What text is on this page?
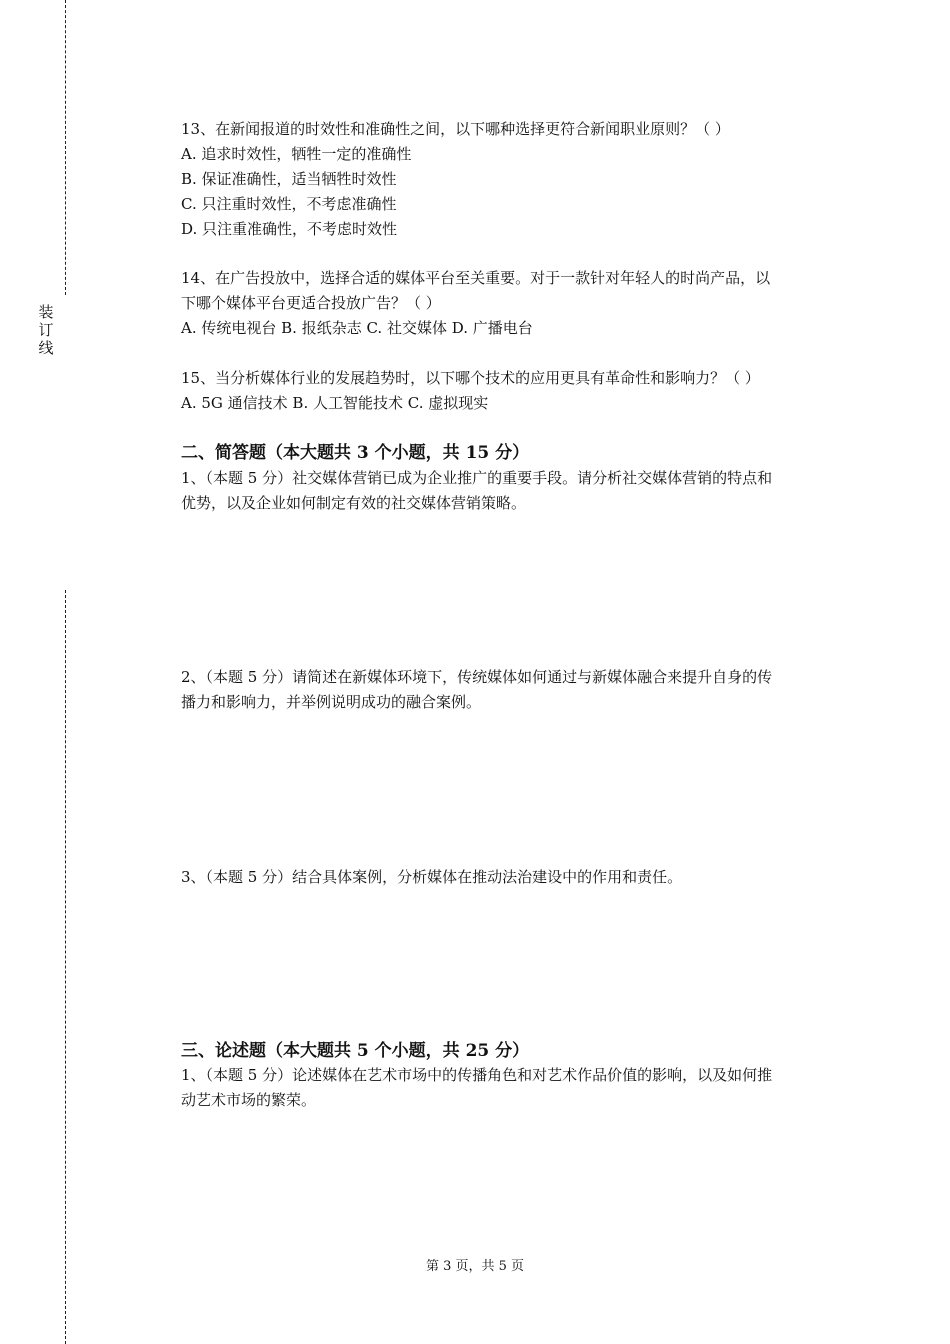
装
订
线
13、在新闻报道的时效性和准确性之间，以下哪种选择更符合新闻职业原则？（ ）
A. 追求时效性，牺牲一定的准确性
B. 保证准确性，适当牺牲时效性
C. 只注重时效性，不考虑准确性
D. 只注重准确性，不考虑时效性
14、在广告投放中，选择合适的媒体平台至关重要。对于一款针对年轻人的时尚产品，以
下哪个媒体平台更适合投放广告？（ ）
A. 传统电视台 B. 报纸杂志 C. 社交媒体 D. 广播电台
15、当分析媒体行业的发展趋势时，以下哪个技术的应用更具有革命性和影响力？（ ）
A. 5G 通信技术 B. 人工智能技术 C. 虚拟现实
二、简答题（本大题共 3 个小题，共 15 分）
1、（本题 5 分）社交媒体营销已成为企业推广的重要手段。请分析社交媒体营销的特点和
优势，以及企业如何制定有效的社交媒体营销策略。
2、（本题 5 分）请简述在新媒体环境下，传统媒体如何通过与新媒体融合来提升自身的传
播力和影响力，并举例说明成功的融合案例。
3、（本题 5 分）结合具体案例，分析媒体在推动法治建设中的作用和责任。
三、论述题（本大题共 5 个小题，共 25 分）
1、（本题 5 分）论述媒体在艺术市场中的传播角色和对艺术作品价值的影响，以及如何推
动艺术市场的繁荣。
第 3 页，共 5 页
